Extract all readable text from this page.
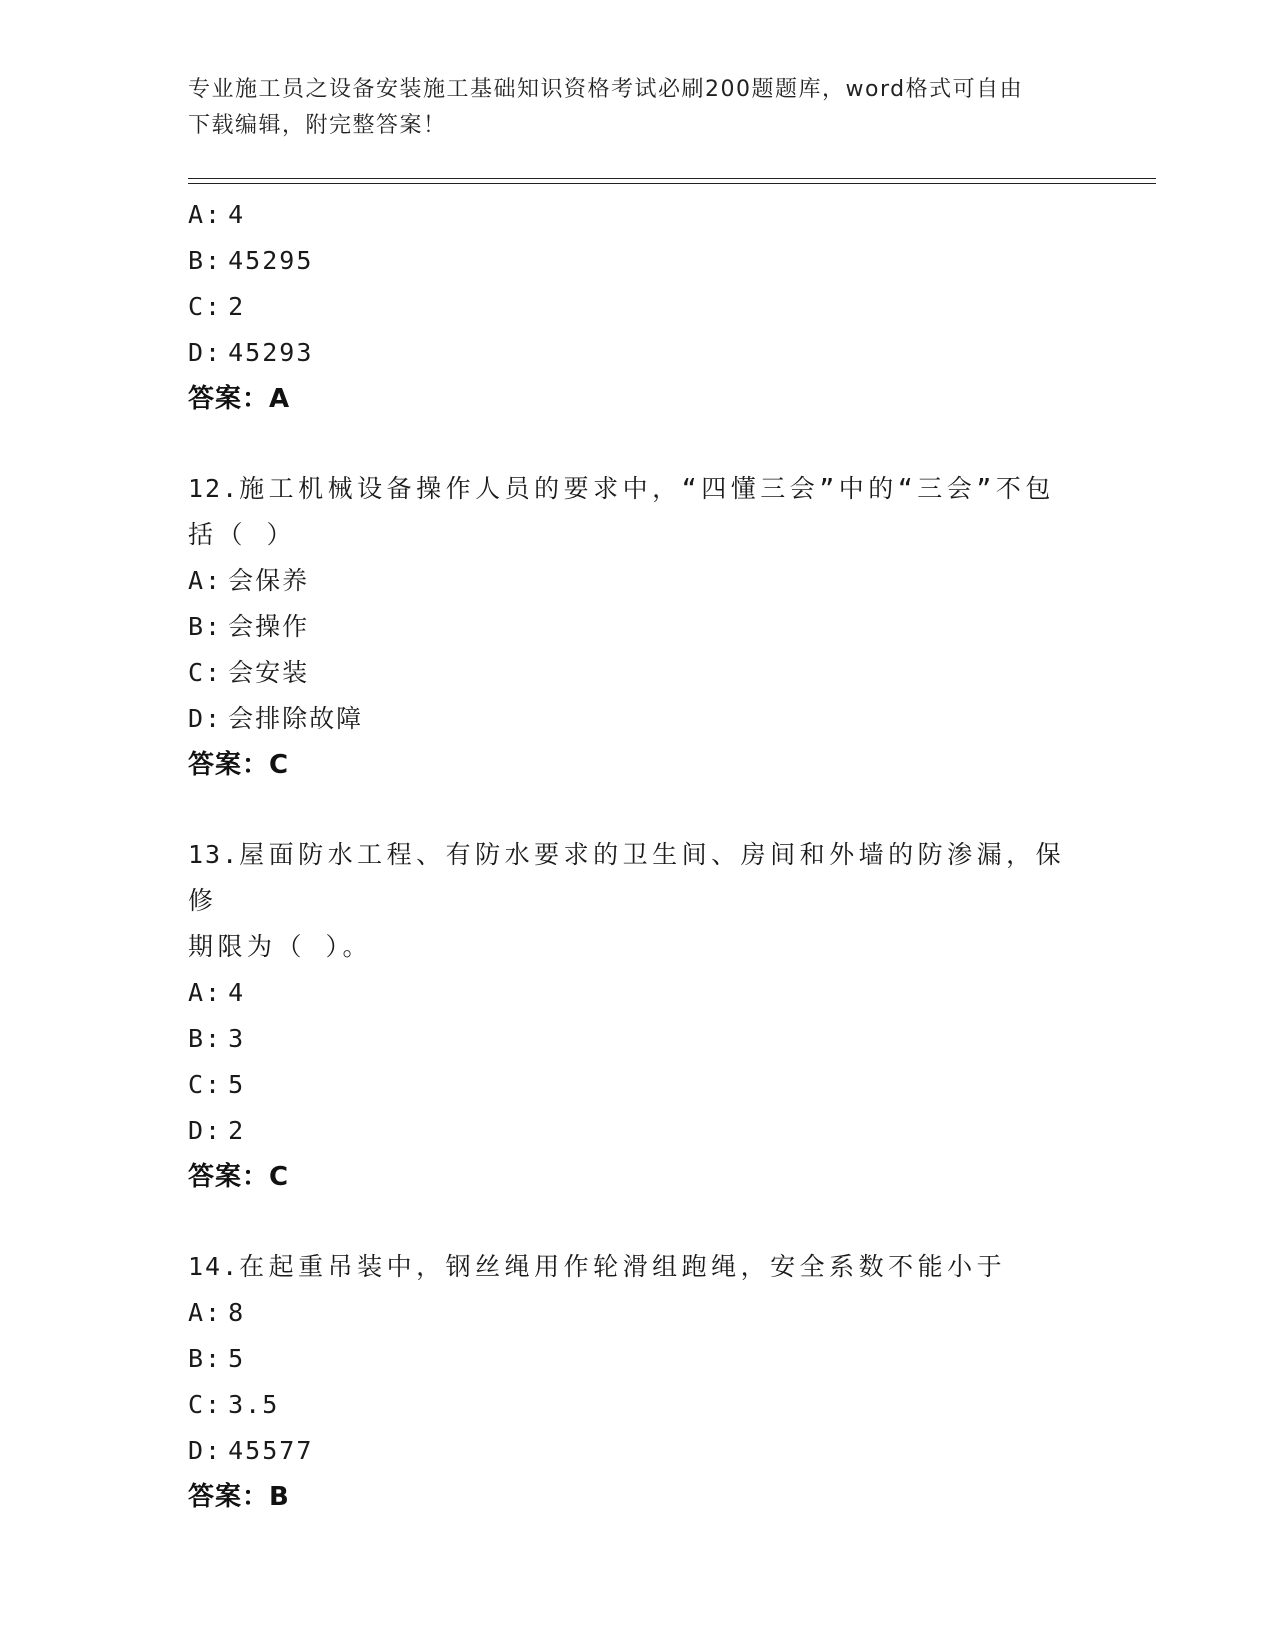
专业施工员之设备安装施工基础知识资格考试必刷200题题库，word格式可自由
下载编辑，附完整答案！
A: 4
B: 45295
C: 2
D: 45293
答案：A
12.施工机械设备操作人员的要求中，“四懂三会”中的“三会”不包
括（ ）
A: 会保养
B: 会操作
C: 会安装
D: 会排除故障
答案：C
13.屋面防水工程、有防水要求的卫生间、房间和外墙的防渗漏，保修
期限为（ ）。
A: 4
B: 3
C: 5
D: 2
答案：C
14.在起重吊装中，钢丝绳用作轮滑组跑绳，安全系数不能小于
A: 8
B: 5
C: 3.5
D: 45577
答案：B
